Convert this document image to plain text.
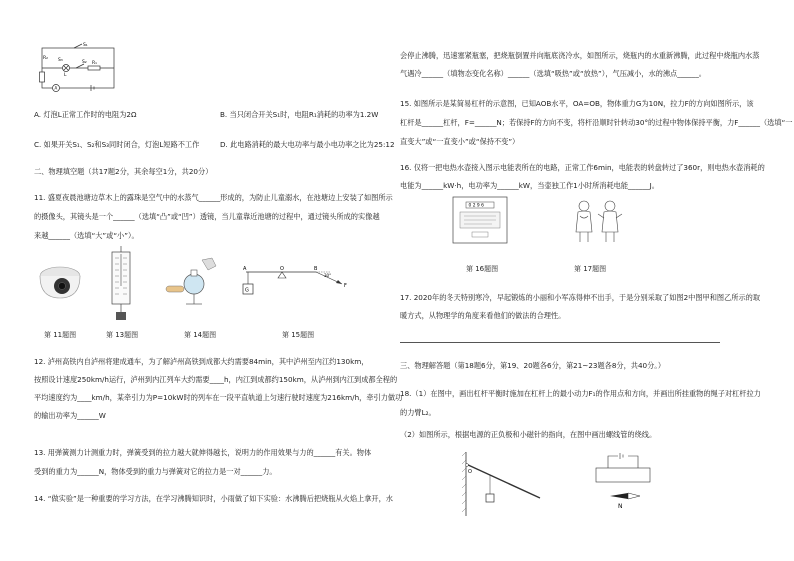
R₂ S₃
L
S₁
S₂ R₁
A

A. 灯泡L正常工作时的电阻为2Ω	B. 当只闭合开关S₁时，电阻R₁消耗的功率为1.2W

C. 如果开关S₁、S₂和S₃同时闭合，灯泡L短路不工作	D. 此电路消耗的最大电功率与最小电功率之比为25:12

二、物理填空题（共17题2分，其余每空1分，共20分）

11. 盛夏夜晨池塘边草木上的露珠是空气中的水蒸气______形成的，为防止儿童溺水，在池塘边上安装了如图所示

的摄像头，其镜头是一个______（选填“凸”或“凹”）透镜，当儿童靠近池塘的过程中，通过镜头所成的实像越

来越______（选填“大”或“小”）。

A	O	B
30°
F
G
第 11题图	第 13题图	第 14题图	第 15题图

12. 泸州高铁内自泸州将建成通车，为了解泸州高铁到成都大约需要84min，其中泸州至内江约130km，

按照设计速度250km/h运行，泸州到内江列车大约需要____h，内江到成都约150km，从泸州到内江到成都全程的

平均速度约为____km/h，某牵引力为P=10kW时的列车在一段平直轨道上匀速行驶时速度为216km/h，牵引力做功

的输出功率为______W

13. 用弹簧测力计测重力时，弹簧受到的拉力越大就伸得越长，说明力的作用效果与力的______有关。物体

受到的重力为______N，物体受到的重力与弹簧对它的拉力是一对______力。

14. “做实验”是一种重要的学习方法，在学习沸腾知识时，小雨做了如下实验：水沸腾后把烧瓶从火焰上拿开，水

会停止沸腾，迅速塞紧瓶塞，把烧瓶倒置并向瓶底浇冷水，如图所示，烧瓶内的水重新沸腾，此过程中烧瓶内水蒸

气遇冷______（填物态变化名称）______（选填“吸热”或“放热”），气压减小，水的沸点______。

15. 如图所示是某简易杠杆的示意图，已知AOB水平，OA=OB，物体重力G为10N，拉力F的方向如图所示，该

杠杆是______杠杆，F=______N；若保持F的方向不变，将杆沿顺时针转动30°的过程中物体保持平衡，力F______（选填“一

直变大”或“一直变小”或“保持不变”）

16. 仅将一把电热水壶接入图示电能表所在的电路，正常工作6min，电能表的转盘转过了360r，则电热水壶消耗的

电能为______kW·h，电功率为______kW，当壶独工作1小时所消耗电能______J。

0 2 9 6
第 16题图	第 17题图

17. 2020年的冬天特别寒冷，早起锻炼的小丽和小军冻得伸不出手，于是分别采取了如图2中图甲和图乙所示的取

暖方式，从物理学的角度来看他们的做法的合理性。

三、物理解答题（第18题6分，第19、20题各6分，第21~23题各8分，共40分。）

18.（1）在图中，画出杠杆平衡时施加在杠杆上的最小动力F₁的作用点和方向，并画出所挂重物的绳子对杠杆拉力

的力臂L₂。

（2）如图所示，根据电源的正负极和小磁针的指向，在图中画出螺线管的绕线。

O
N
